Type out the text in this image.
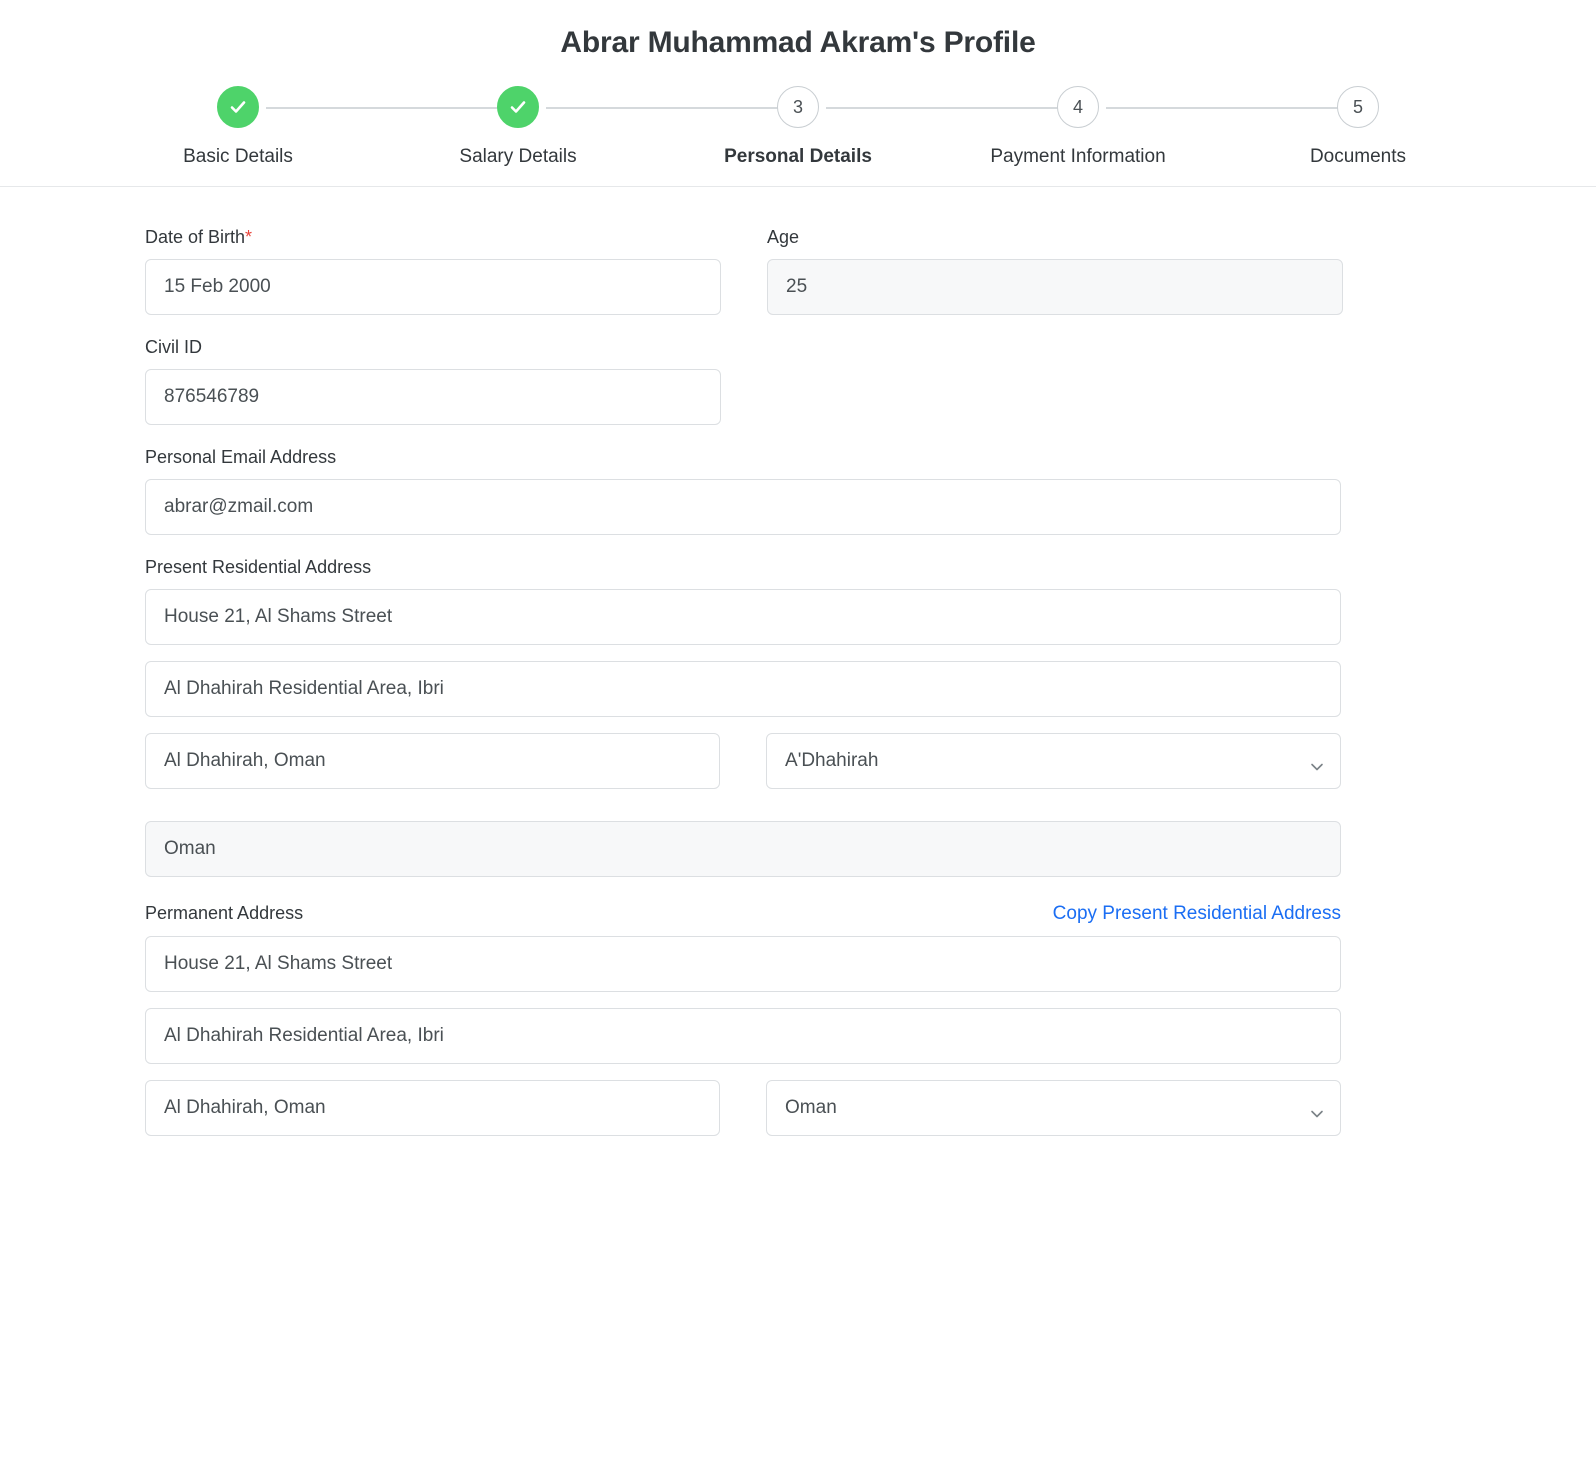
Abrar Muhammad Akram's Profile
Basic Details	Salary Details
3
Personal Details
4
Payment Information
5
Documents
Date of Birth*
15 Feb 2000
Age
25
Civil ID
876546789
Personal Email Address
abrar@zmail.com
Present Residential Address
House 21, Al Shams Street
Al Dhahirah Residential Area, Ibri
Al Dhahirah, Oman	A'Dhahirah
Oman
Permanent Address	Copy Present Residential Address
House 21, Al Shams Street
Al Dhahirah Residential Area, Ibri
Al Dhahirah, Oman	Oman
